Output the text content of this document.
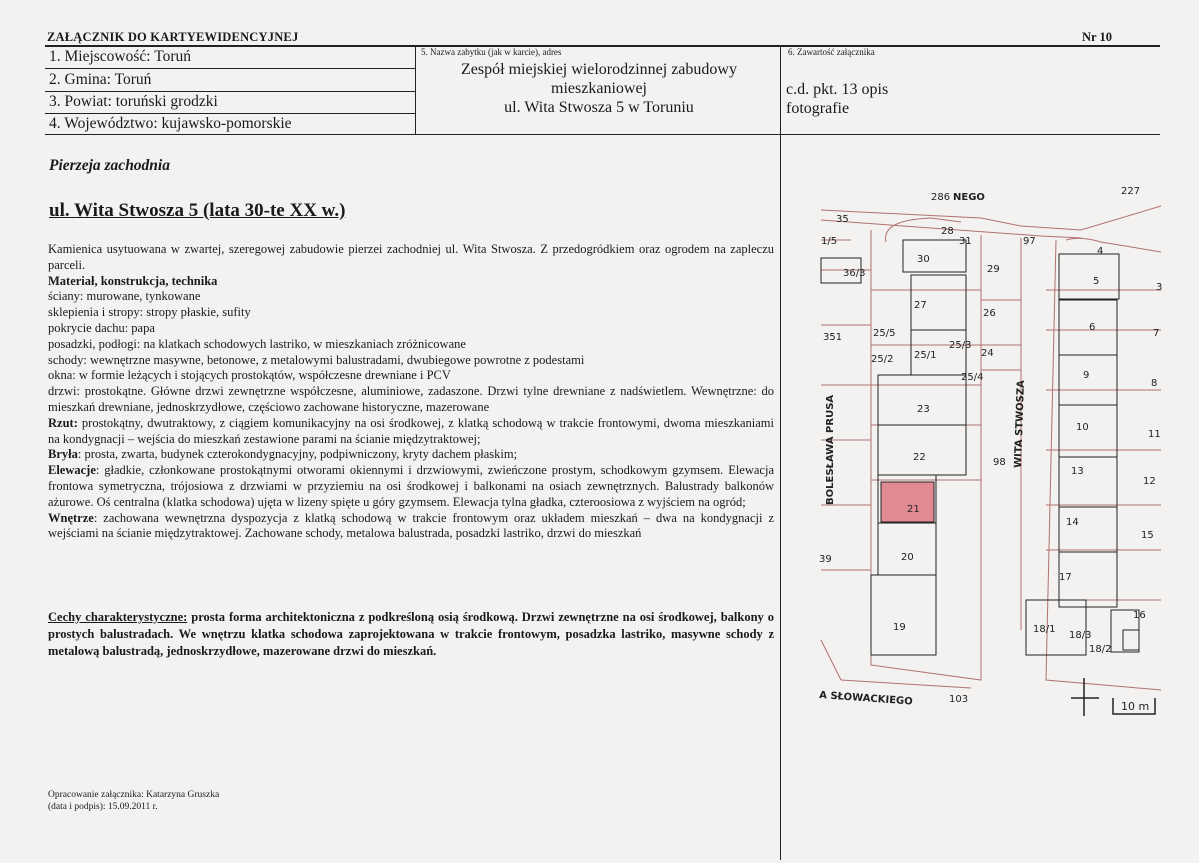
ZAŁĄCZNIK DO KARTYEWIDENCYJNEJ	Nr 10
1. Miejscowość: Toruń
2. Gmina: Toruń
3. Powiat: toruński grodzki
4. Województwo: kujawsko-pomorskie
5. Nazwa zabytku (jak w karcie), adres
Zespół miejskiej wielorodzinnej zabudowy
mieszkaniowej
ul. Wita Stwosza 5 w Toruniu
6. Zawartość załącznika
c.d. pkt. 13 opis
fotografie
Pierzeja zachodnia
ul. Wita Stwosza 5 (lata 30-te XX w.)

Kamienica usytuowana w zwartej, szeregowej zabudowie pierzei zachodniej ul. Wita Stwosza. Z przedogródkiem oraz ogrodem na zapleczu parceli.

Materiał, konstrukcja, technika

ściany: murowane, tynkowane

sklepienia i stropy: stropy płaskie, sufity

pokrycie dachu: papa

posadzki, podłogi: na klatkach schodowych lastriko, w mieszkaniach zróżnicowane

schody: wewnętrzne masywne, betonowe, z metalowymi balustradami, dwubiegowe powrotne z podestami

okna: w formie leżących i stojących prostokątów, współczesne drewniane i PCV

drzwi: prostokątne. Główne drzwi zewnętrzne współczesne, aluminiowe, zadaszone. Drzwi tylne drewniane z nadświetlem. Wewnętrzne: do mieszkań drewniane, jednoskrzydłowe, częściowo zachowane historyczne, mazerowane

Rzut: prostokątny, dwutraktowy, z ciągiem komunikacyjny na osi środkowej, z klatką schodową w trakcie frontowymi, dwoma mieszkaniami na kondygnacji – wejścia do mieszkań zestawione parami na ścianie międzytraktowej;

Bryła: prosta, zwarta, budynek czterokondygnacyjny, podpiwniczony, kryty dachem płaskim;

Elewacje: gładkie, członkowane prostokątnymi otworami okiennymi i drzwiowymi, zwieńczone prostym, schodkowym gzymsem. Elewacja frontowa symetryczna, trójosiowa z drzwiami w przyziemiu na osi środkowej i balkonami na osiach zewnętrznych. Balustrady balkonów ażurowe. Oś centralna (klatka schodowa) ujęta w lizeny spięte u góry gzymsem. Elewacja tylna gładka, czteroosiowa z wyjściem na ogród;

Wnętrze: zachowana wewnętrzna dyspozycja z klatką schodową w trakcie frontowym oraz układem mieszkań – dwa na kondygnacji z wejściami na ścianie międzytraktowej. Zachowane schody, metalowa balustrada, posadzki lastriko, drzwi do mieszkań

Cechy charakterystyczne: prosta forma architektoniczna z podkreśloną osią środkową. Drzwi zewnętrzne na osi środkowej, balkony o prostych balustradach. We wnętrzu klatka schodowa zaprojektowana w trakcie frontowym, posadzka lastriko, masywne schody z metalową balustradą, jednoskrzydłowe, mazerowane drzwi do mieszkań.
Opracowanie załącznika: Katarzyna Gruszka
(data i podpis): 15.09.2011 r.
286 NEGO
227
35
1/5
36/3
351	25/5
25/2
39
30
27
25/1
23
22
21
20
19
28
31
29
26
25/3
24
25/4
98
97
5
6
9
10
13
14
17
18/1
4
7
8
11
12
15
16
18/3
18/2
3
BOLESŁAWA PRUSA	WITA STWOSZA
A SŁOWACKIEGO	103
10 m
